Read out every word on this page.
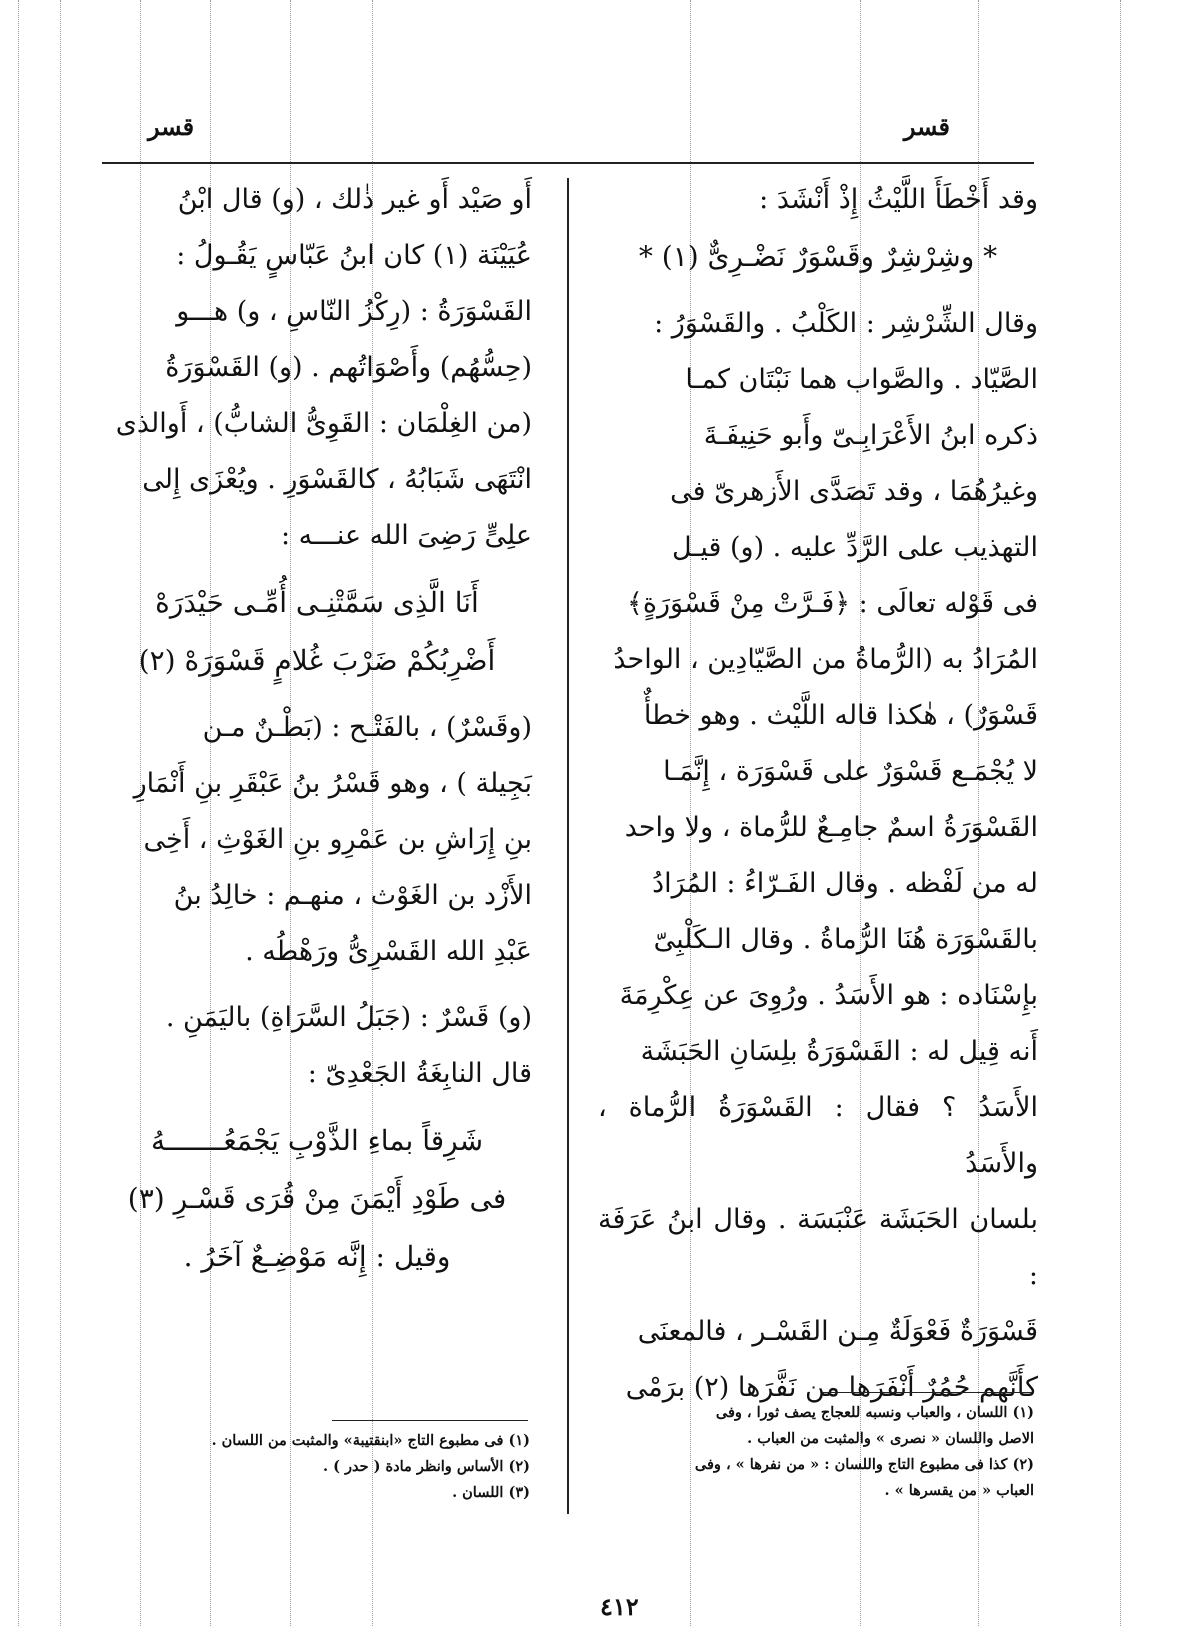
قسر	قسر

وقد أَخْطَأَ اللَّيْثُ إِذْ أَنْشَدَ :

* وشِرْشِرٌ وقَسْوَرٌ نَضْـرِىٌّ (١) *

وقال الشِّرْشِر : الكَلْبُ . والقَسْوَرُ :

الصَّيّاد . والصَّواب هما نَبْتَان كمـا

ذكره ابنُ الأَعْرَابِـىّ وأَبو حَنِيفَـةَ

وغيرُهُمَا ، وقد تَصَدَّى الأَزهرىّ فى

التهذيب على الرَّدِّ عليه . (و) قيـل

فى قَوْله تعالَى : ﴿فَـرَّتْ مِنْ قَسْوَرَةٍ﴾

المُرَادُ به (الرُّماةُ من الصَّيّادِين ، الواحدُ

قَسْوَرٌ) ، هٰكذا قاله اللَّيْث . وهو خطأٌ

لا يُجْمَـع قَسْوَرٌ على قَسْوَرَة ، إِنَّمَـا

القَسْوَرَةُ اسمٌ جامِـعٌ للرُّماة ، ولا واحد

له من لَفْظه . وقال الفَـرّاءُ : المُرَادُ

بالقَسْوَرَة هُنَا الرُّماةُ . وقال الـكَلْبِىّ

بإِسْنَاده : هو الأَسَدُ . ورُوِىَ عن عِكْرِمَةَ

أَنه قِيل له : القَسْوَرَةُ بلِسَانِ الحَبَشَة

الأَسَدُ ؟ فقال : القَسْوَرَةُ الرُّماة ، والأَسَدُ

بلسان الحَبَشَة عَنْبَسَة . وقال ابنُ عَرَفَة :

قَسْوَرَةٌ فَعْوَلَةٌ مِـن القَسْـر ، فالمعنَى

كأَنَّهم حُمُرٌ أَنْفَرَها من نَفَّرَها (٢) برَمْى

أَو صَيْد أَو غير ذٰلك ، (و) قال ابْنُ

عُيَيْنَة (١) كان ابنُ عَبّاسٍ يَقُـولُ :

القَسْوَرَةُ : (رِكْزُ النّاسِ ، و) هـــو

(حِسُّهُم) وأَصْوَاتُهم . (و) القَسْوَرَةُ

(من الغِلْمَان : القَوِىُّ الشابُّ) ، أَوالذى

انْتَهَى شَبَابُهُ ، كالقَسْوَرِ . ويُعْزَى إِلى

علِىٍّ رَضِىَ الله عنـــه :

أَنَا الَّذِى سَمَّتْنِـى أُمِّـى حَيْدَرَهْ

أَضْرِبُكُمْ ضَرْبَ غُلامٍ قَسْوَرَهْ (٢)

(وقَسْرٌ) ، بالفَتْـح : (بَطْـنٌ مـن

بَجِيلة ) ، وهو قَسْرُ بنُ عَبْقَرِ بنِ أَنْمَارِ

بنِ إِرَاشِ بن عَمْرِو بنِ الغَوْثِ ، أَخِى

الأَزْد بن الغَوْث ، منهـم : خالِدُ بنُ

عَبْدِ الله القَسْرِىُّ ورَهْطُه .

(و) قَسْرٌ : (جَبَلُ السَّرَاةِ) باليَمَنِ .

قال النابِغَةُ الجَعْدِىّ :

شَرِقاً بماءِ الذَّوْبِ يَجْمَعُـــــــهُ

فى طَوْدِ أَيْمَنَ مِنْ قُرَى قَسْـرِ (٣)

وقيل : إِنَّه مَوْضِـعٌ آخَرُ .

(١) اللسان ، والعباب ونسبه للعجاج يصف ثورا ، وفى
الاصل واللسان « نصرى » والمثبت من العباب .
(٢) كذا فى مطبوع التاج واللسان : « من نفرها » ، وفى
العباب « من يقسرها » .
(١) فى مطبوع التاج «ابنقتيبة» والمثبت من اللسان .
(٢) الأساس وانظر مادة ( حدر ) .
(٣) اللسان .
٤١٢
